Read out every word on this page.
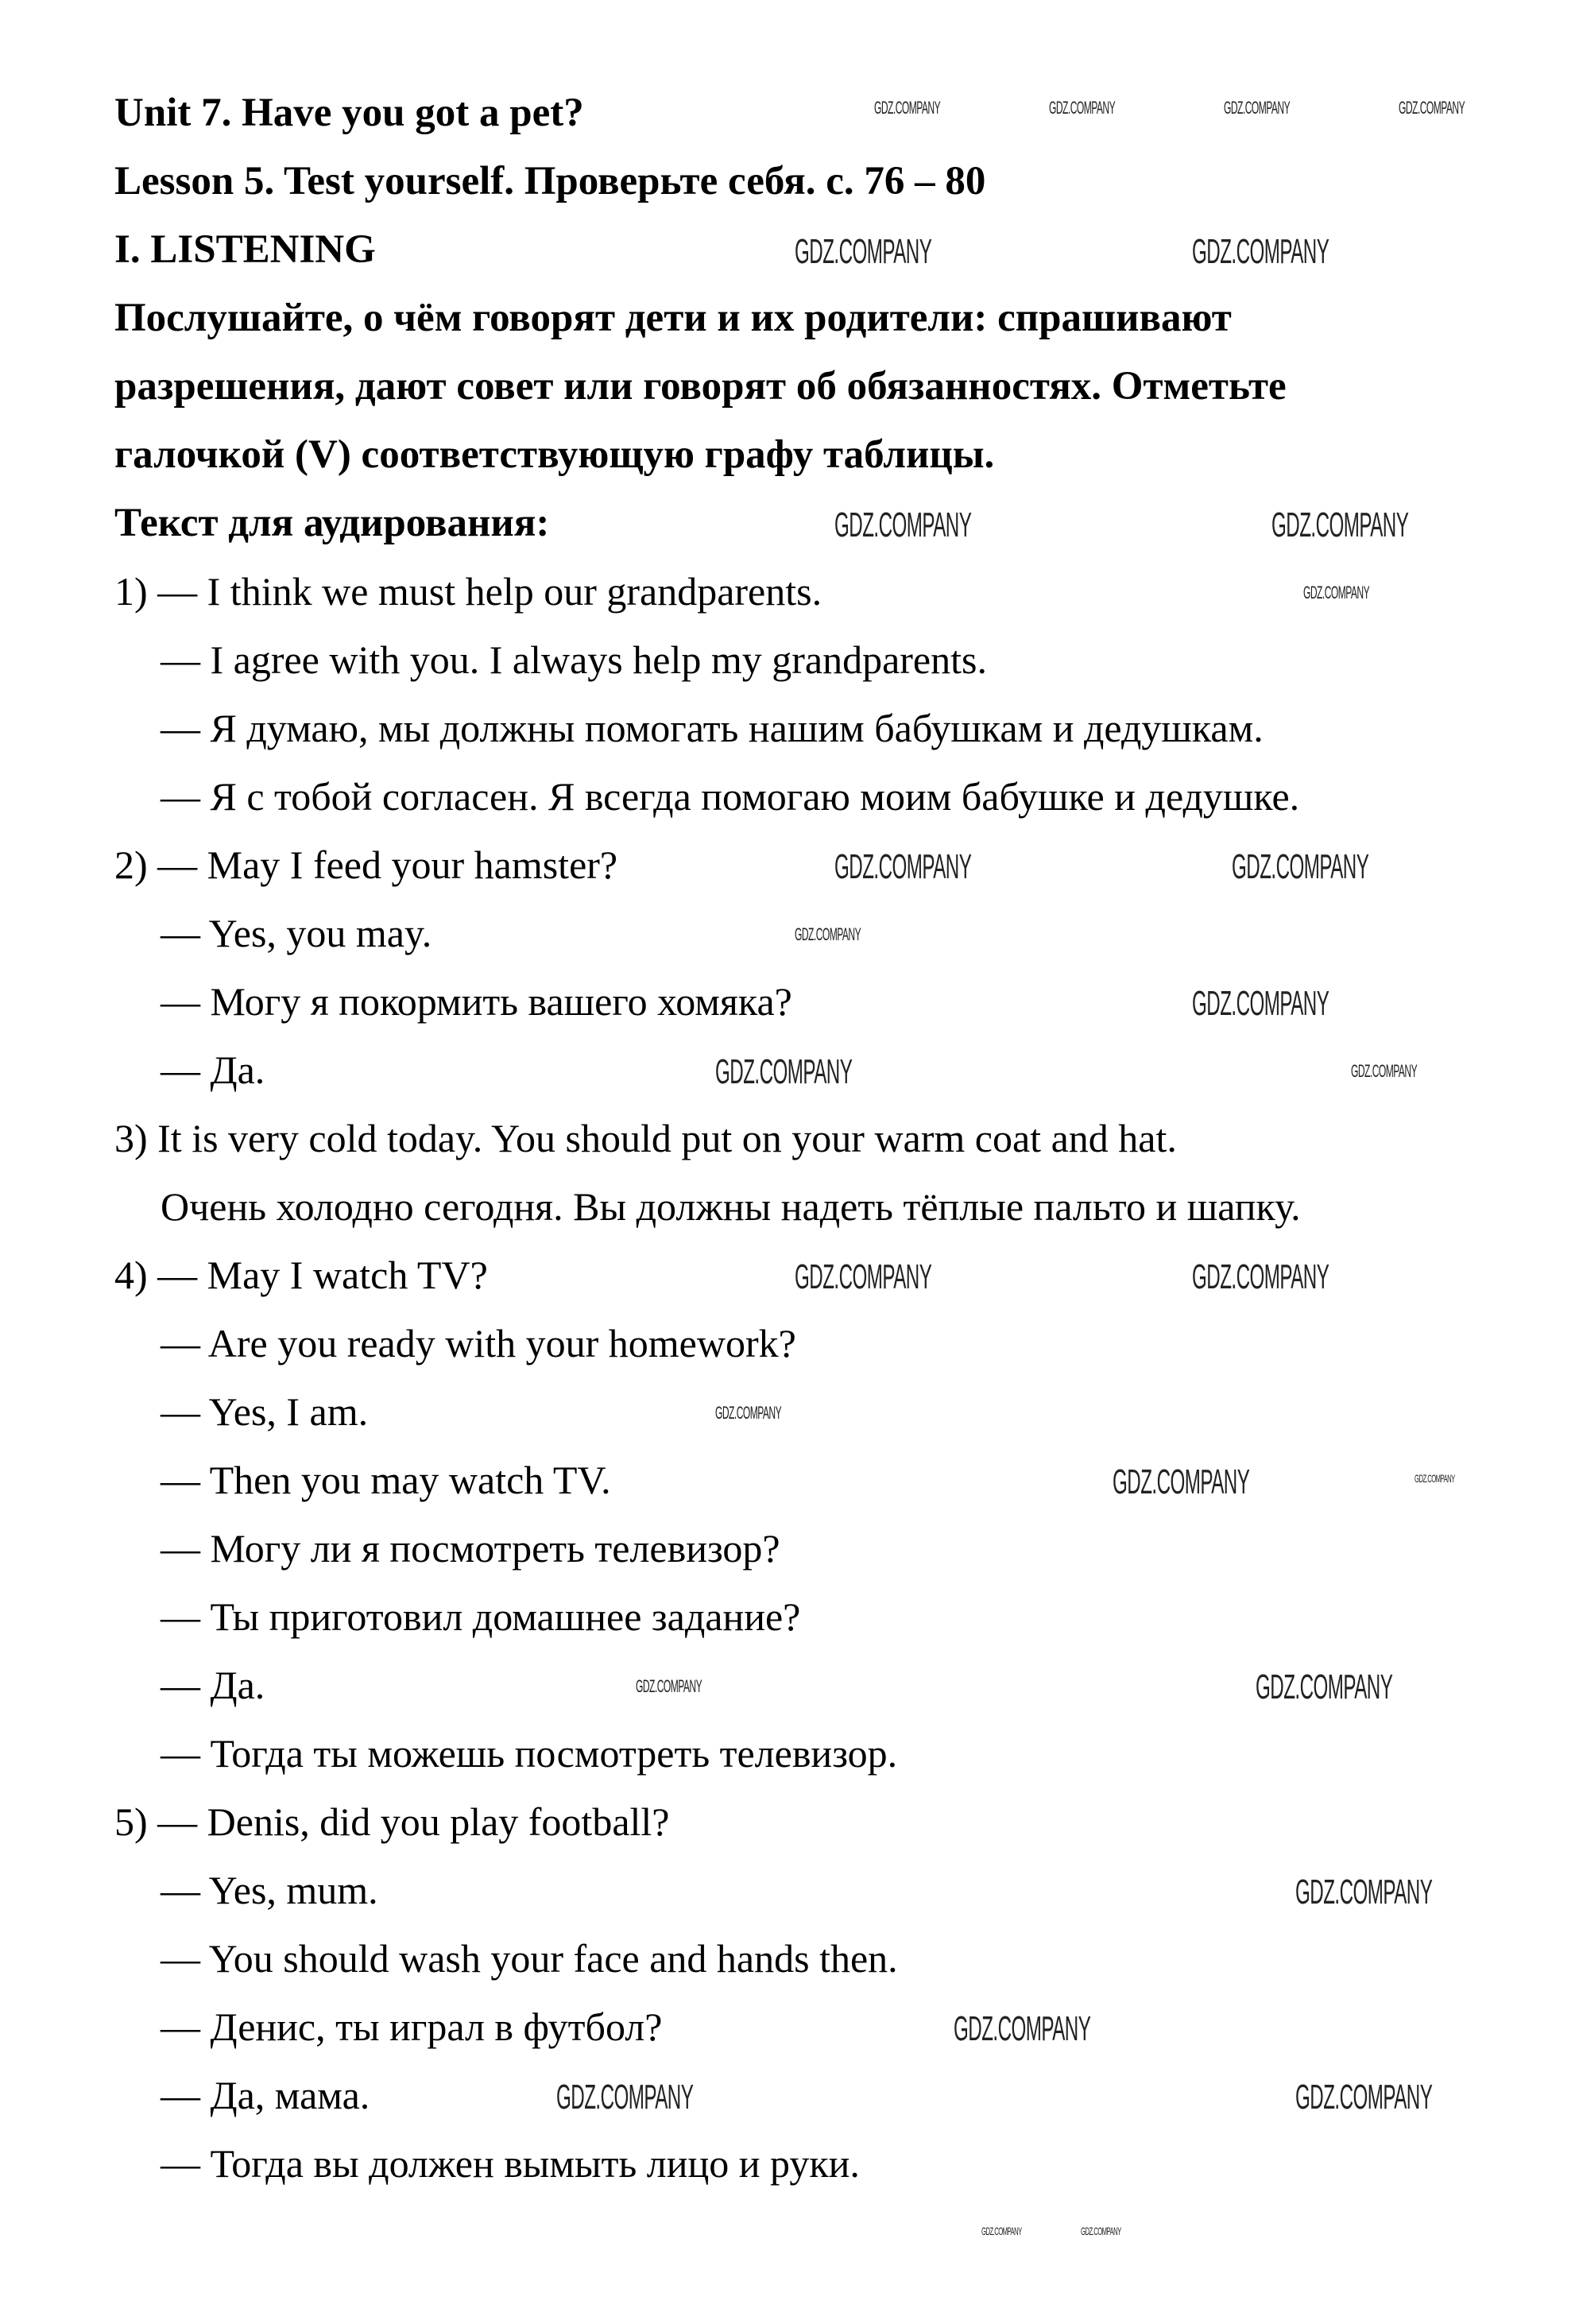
Unit 7. Have you got a pet?
Lesson 5. Test yourself. Проверьте себя. с. 76 – 80
I. LISTENING
Послушайте, о чём говорят дети и их родители: спрашивают
разрешения, дают совет или говорят об обязанностях. Отметьте
галочкой (V) соответствующую графу таблицы.
Текст для аудирования:
1) — I think we must help our grandparents.
— I agree with you. I always help my grandparents.
— Я думаю, мы должны помогать нашим бабушкам и дедушкам.
— Я с тобой согласен. Я всегда помогаю моим бабушке и дедушке.
2) — May I feed your hamster?
— Yes, you may.
— Могу я покормить вашего хомяка?
— Да.
3) It is very cold today. You should put on your warm coat and hat.
Очень холодно сегодня. Вы должны надеть тёплые пальто и шапку.
4) — May I watch TV?
— Are you ready with your homework?
— Yes, I am.
— Then you may watch TV.
— Могу ли я посмотреть телевизор?
— Ты приготовил домашнее задание?
— Да.
— Тогда ты можешь посмотреть телевизор.
5) — Denis, did you play football?
— Yes, mum.
— You should wash your face and hands then.
— Денис, ты играл в футбол?
— Да, мама.
— Тогда вы должен вымыть лицо и руки.
GDZ.COMPANY	GDZ.COMPANY	GDZ.COMPANY	GDZ.COMPANY
GDZ.COMPANY	GDZ.COMPANY
GDZ.COMPANY	GDZ.COMPANY
GDZ.COMPANY
GDZ.COMPANY	GDZ.COMPANY
GDZ.COMPANY
GDZ.COMPANY
GDZ.COMPANY	GDZ.COMPANY
GDZ.COMPANY	GDZ.COMPANY
GDZ.COMPANY
GDZ.COMPANY	GDZ.COMPANY
GDZ.COMPANY
GDZ.COMPANY
GDZ.COMPANY
GDZ.COMPANY
GDZ.COMPANY
GDZ.COMPANY
GDZ.COMPANY	GDZ.COMPANY
